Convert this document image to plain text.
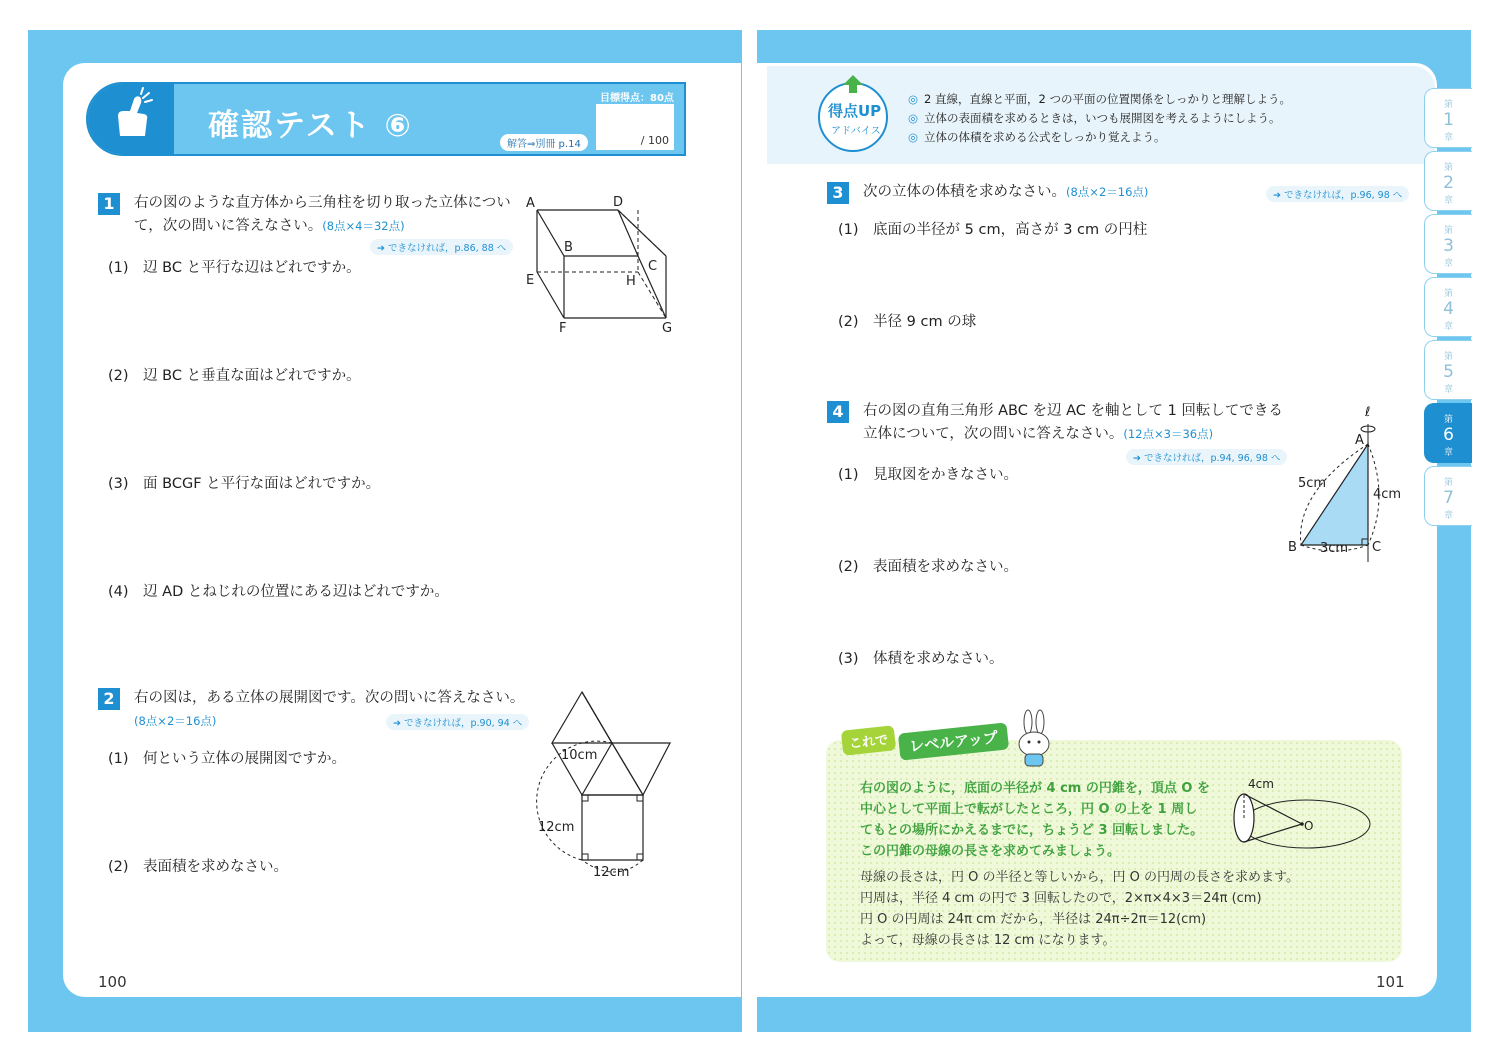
確認テスト ⑥
解答⇒別冊 p.14
目標得点：80点
/ 100
1	右の図のような直方体から三角柱を切り取った立体について，次の問いに答えなさい。(8点×4＝32点)
➔ できなければ，p.86, 88 へ
(1)　辺 BC と平行な辺はどれですか。
(2)　辺 BC と垂直な面はどれですか。
(3)　面 BCGF と平行な面はどれですか。
(4)　辺 AD とねじれの位置にある辺はどれですか。
A	D
B
C
E	H
F	G
2	右の図は，ある立体の展開図です。次の問いに答えなさい。(8点×2＝16点)	➔ できなければ，p.90, 94 へ
(1)　何という立体の展開図ですか。
(2)　表面積を求めなさい。
10cm
12cm
12cm
100
得点UP
アドバイス
◎ 2 直線，直線と平面，2 つの平面の位置関係をしっかりと理解しよう。
◎ 立体の表面積を求めるときは，いつも展開図を考えるようにしよう。
◎ 立体の体積を求める公式をしっかり覚えよう。
3	次の立体の体積を求めなさい。(8点×2＝16点)	➔ できなければ，p.96, 98 へ
(1)　底面の半径が 5 cm，高さが 3 cm の円柱
(2)　半径 9 cm の球
4	右の図の直角三角形 ABC を辺 AC を軸として 1 回転してできる立体について，次の問いに答えなさい。(12点×3＝36点)
➔ できなければ，p.94, 96, 98 へ
(1)　見取図をかきなさい。
(2)　表面積を求めなさい。
(3)　体積を求めなさい。
ℓ
A
5cm
4cm
B 3cm C
これで	レベルアップ
右の図のように，底面の半径が 4 cm の円錐を，頂点 O を
中心として平面上で転がしたところ，円 O の上を 1 周し
てもとの場所にかえるまでに，ちょうど 3 回転しました。
この円錐の母線の長さを求めてみましょう。
母線の長さは，円 O の半径と等しいから，円 O の円周の長さを求めます。
円周は，半径 4 cm の円で 3 回転したので，2×π×4×3＝24π (cm)
円 O の円周は 24π cm だから，半径は 24π÷2π＝12(cm)
よって，母線の長さは 12 cm になります。
4cm
O
101
第
1
章
第
2
章
第
3
章
第
4
章
第
5
章
第
6
章
第
7
章
